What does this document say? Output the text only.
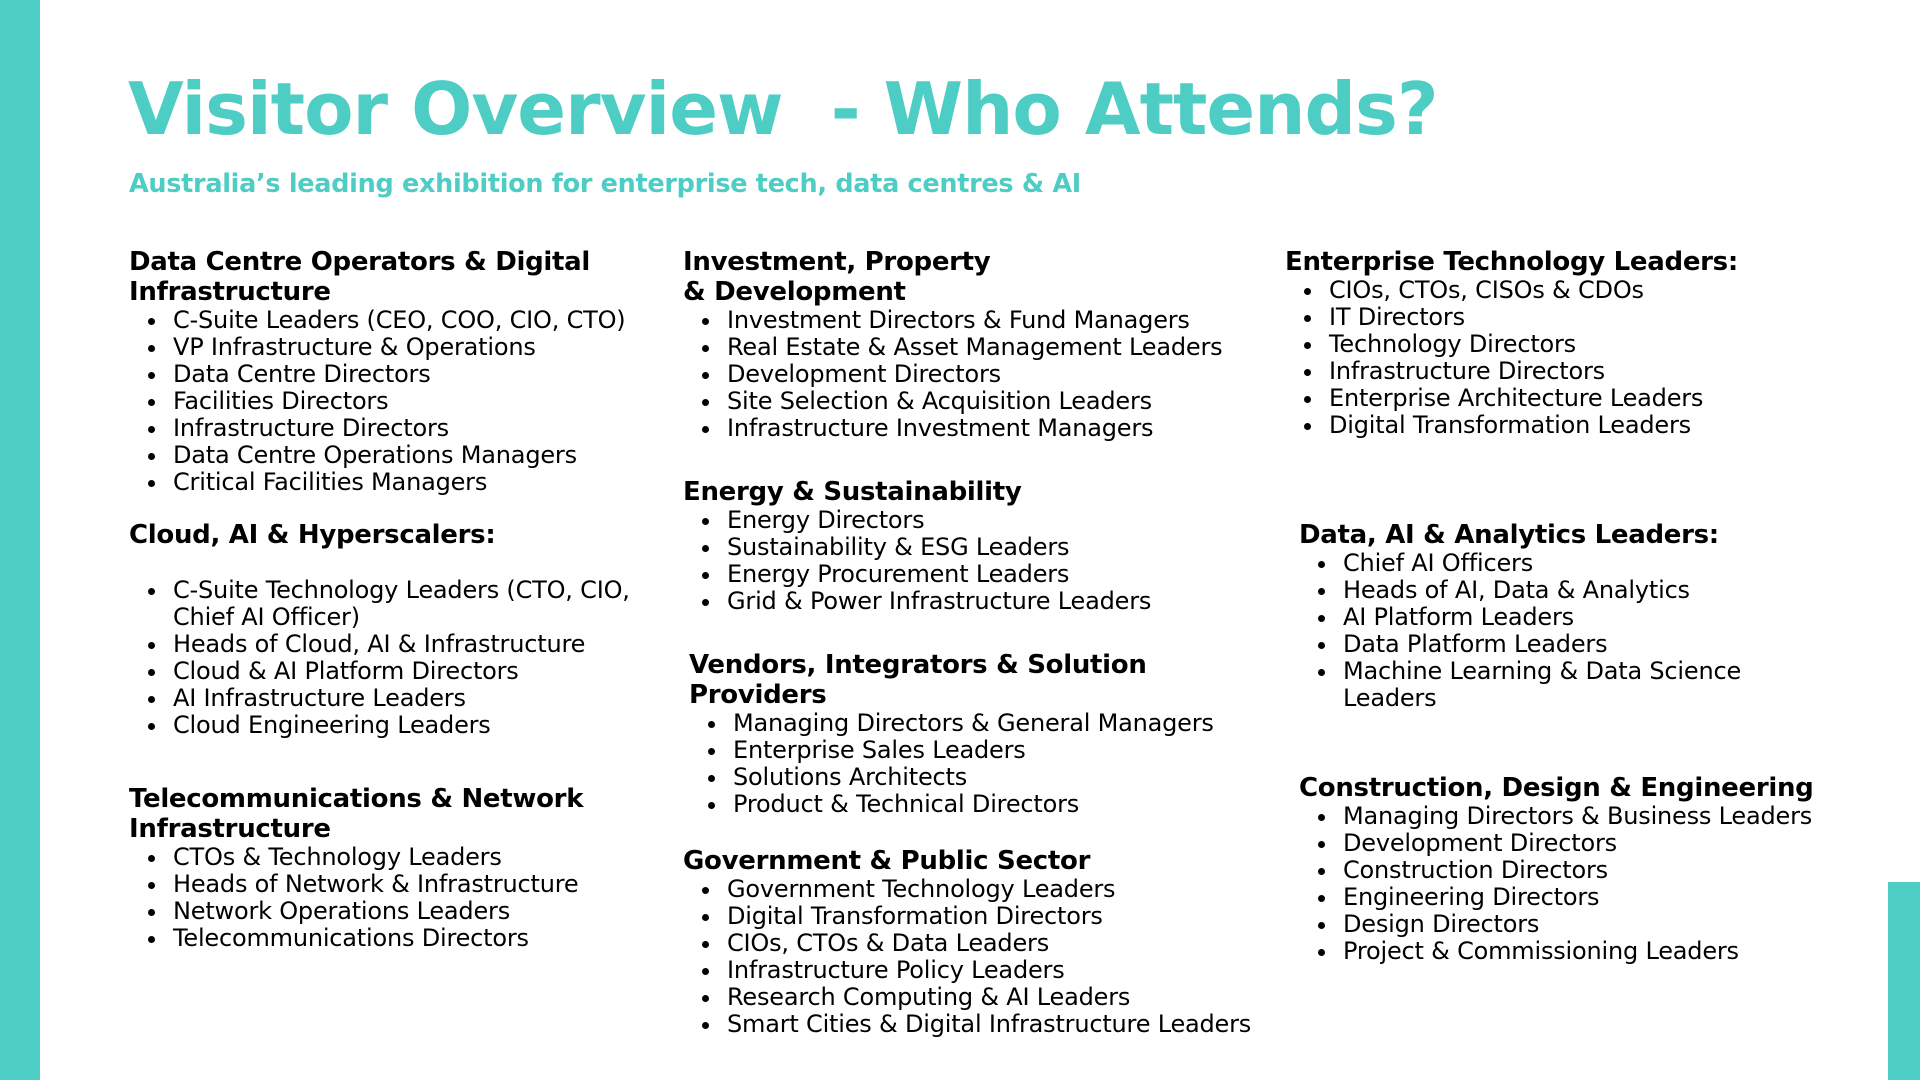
Visitor Overview  - Who Attends?
Australia’s leading exhibition for enterprise tech, data centres & AI
Data Centre Operators & Digital
Infrastructure
C-Suite Leaders (CEO, COO, CIO, CTO)
VP Infrastructure & Operations
Data Centre Directors
Facilities Directors
Infrastructure Directors
Data Centre Operations Managers
Critical Facilities Managers
Cloud, AI & Hyperscalers:
C-Suite Technology Leaders (CTO, CIO, Chief AI Officer)
Heads of Cloud, AI & Infrastructure
Cloud & AI Platform Directors
AI Infrastructure Leaders
Cloud Engineering Leaders
Telecommunications & Network
Infrastructure
CTOs & Technology Leaders
Heads of Network & Infrastructure
Network Operations Leaders
Telecommunications Directors
Investment, Property
& Development
Investment Directors & Fund Managers
Real Estate & Asset Management Leaders
Development Directors
Site Selection & Acquisition Leaders
Infrastructure Investment Managers
Energy & Sustainability
Energy Directors
Sustainability & ESG Leaders
Energy Procurement Leaders
Grid & Power Infrastructure Leaders
Vendors, Integrators & Solution
Providers
Managing Directors & General Managers
Enterprise Sales Leaders
Solutions Architects
Product & Technical Directors
Government & Public Sector
Government Technology Leaders
Digital Transformation Directors
CIOs, CTOs & Data Leaders
Infrastructure Policy Leaders
Research Computing & AI Leaders
Smart Cities & Digital Infrastructure Leaders
Enterprise Technology Leaders:
CIOs, CTOs, CISOs & CDOs
IT Directors
Technology Directors
Infrastructure Directors
Enterprise Architecture Leaders
Digital Transformation Leaders
Data, AI & Analytics Leaders:
Chief AI Officers
Heads of AI, Data & Analytics
AI Platform Leaders
Data Platform Leaders
Machine Learning & Data Science Leaders
Construction, Design & Engineering
Managing Directors & Business Leaders
Development Directors
Construction Directors
Engineering Directors
Design Directors
Project & Commissioning Leaders
